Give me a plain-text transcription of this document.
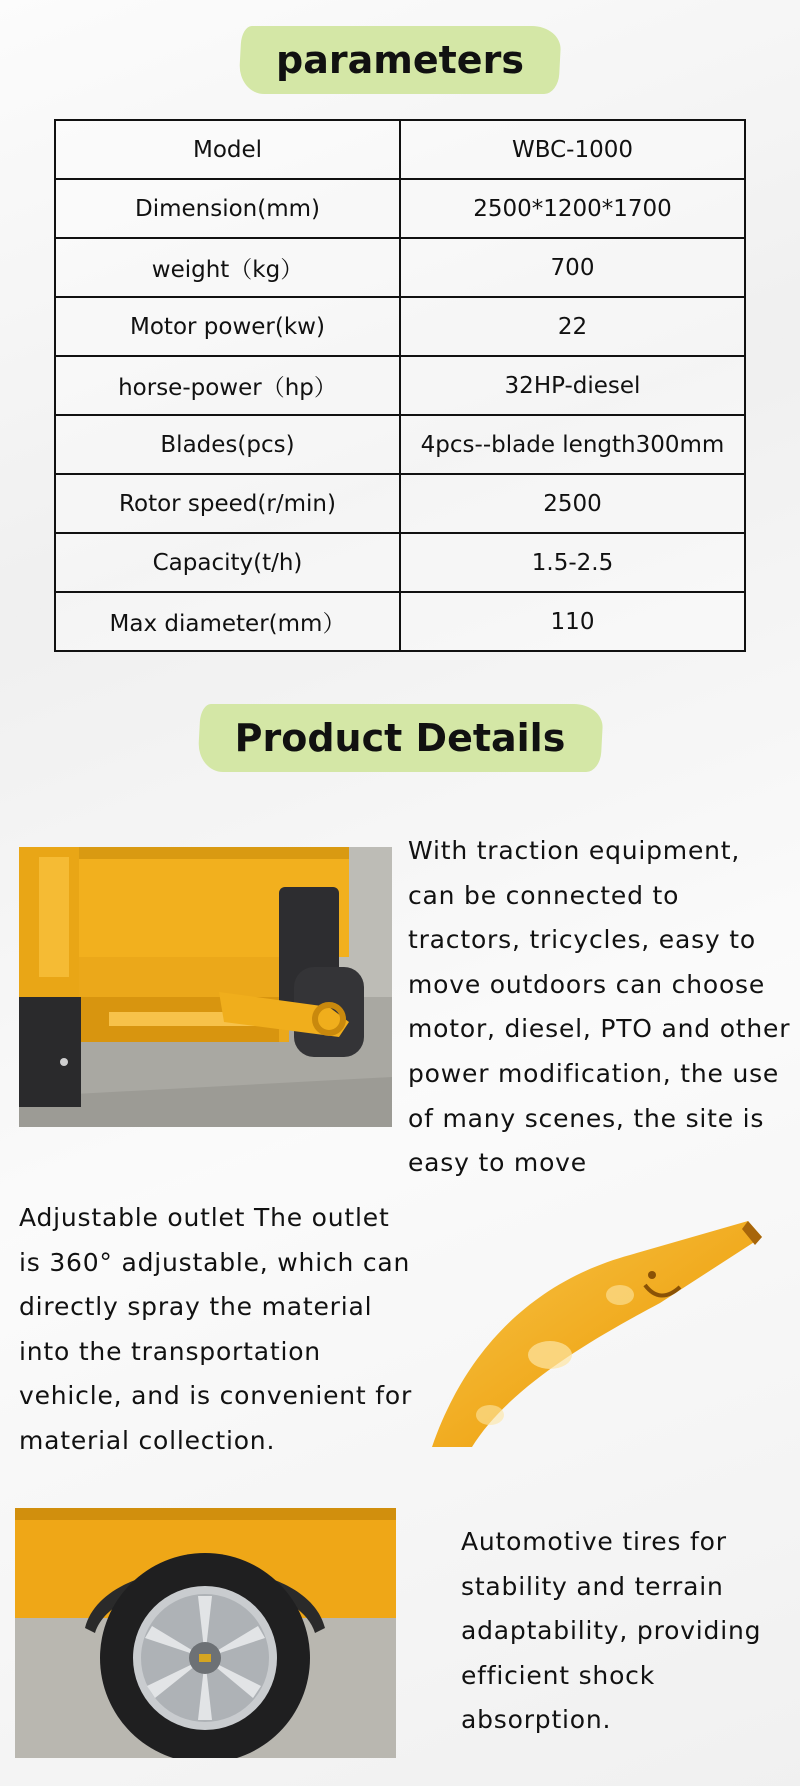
parameters
Model	WBC-1000
Dimension(mm)	2500*1200*1700
weight（kg）	700
Motor power(kw)	22
horse-power（hp）	32HP-diesel
Blades(pcs)	4pcs--blade length300mm
Rotor speed(r/min)	2500
Capacity(t/h)	1.5-2.5
Max diameter(mm）	110
Product Details
With traction equipment, can be connected to tractors, tricycles, easy to move outdoors can choose motor, diesel, PTO and other power modification, the use of many scenes, the site is easy to move
Adjustable outlet The outlet is 360° adjustable, which can directly spray the material into the transportation vehicle, and is convenient for material collection.
Automotive tires for stability and terrain adaptability, providing efficient shock absorption.
